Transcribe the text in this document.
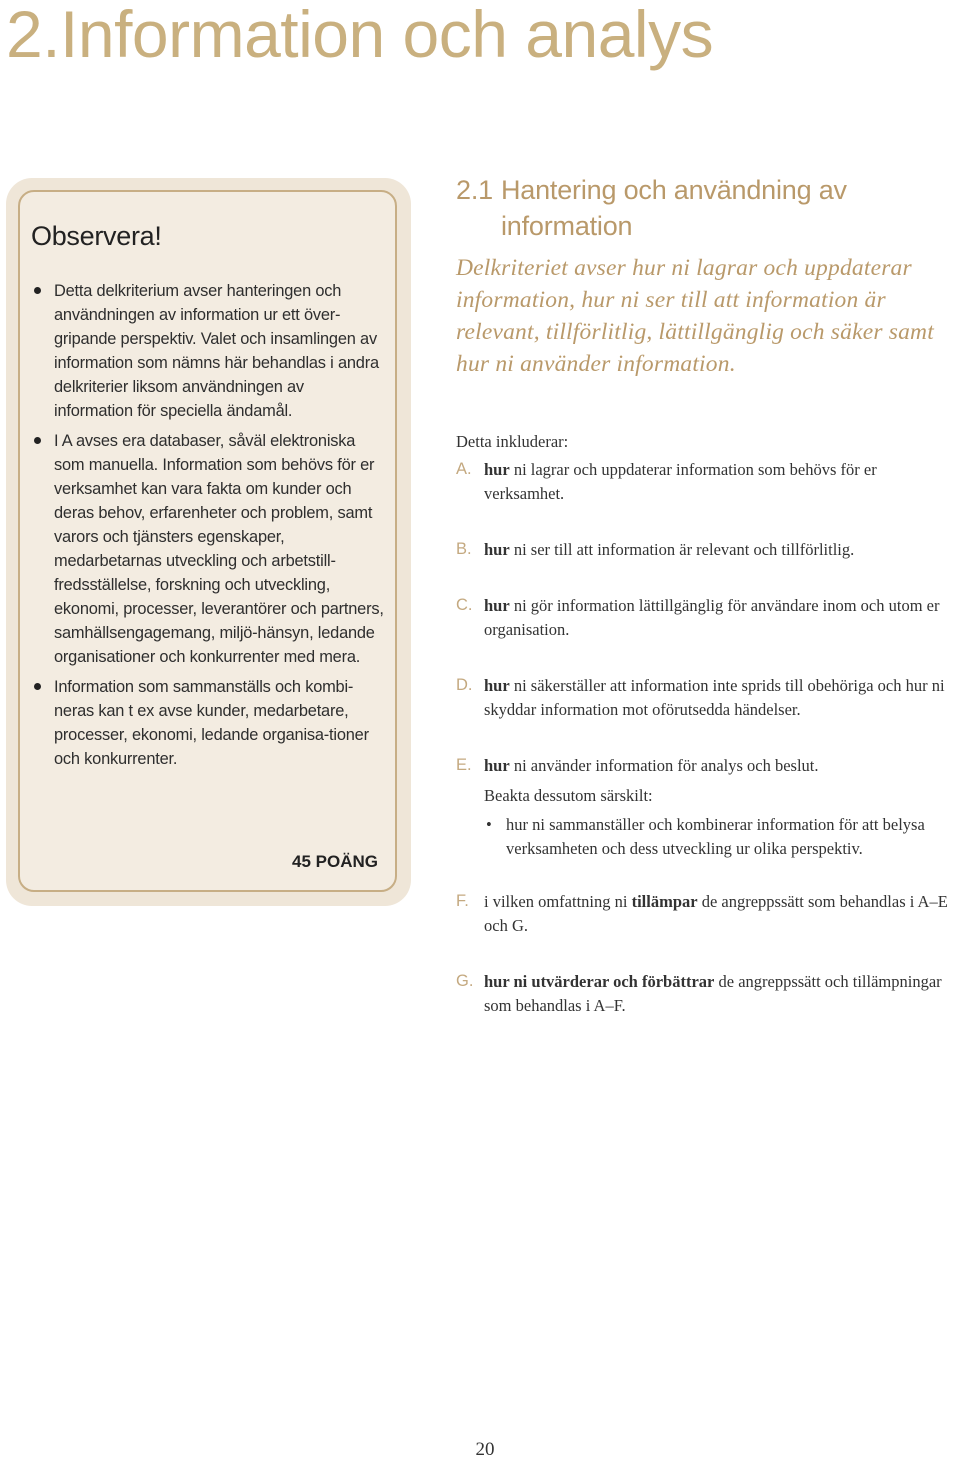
2.Information och analys
Observera!
Detta delkriterium avser hanteringen och användningen av information ur ett över-gripande perspektiv. Valet och insamlingen av information som nämns här behandlas i andra delkriterier liksom användningen av information för speciella ändamål.
I A avses era databaser, såväl elektroniska som manuella. Information som behövs för er verksamhet kan vara fakta om kunder och deras behov, erfarenheter och problem, samt varors och tjänsters egenskaper, medarbetarnas utveckling och arbetstill-fredsställelse, forskning och utveckling, ekonomi, processer, leverantörer och partners, samhällsengagemang, miljö-hänsyn, ledande organisationer och konkurrenter med mera.
Information som sammanställs och kombi-neras kan t ex avse kunder, medarbetare, processer, ekonomi, ledande organisa-tioner och konkurrenter.

45 POÄNG

2.1 Hantering och användning av
information

Delkriteriet avser hur ni lagrar och uppdaterar information, hur ni ser till att information är relevant, tillförlitlig, lättillgänglig och säker samt hur ni använder information.

Detta inkluderar:

A. hur ni lagrar och uppdaterar information som behövs för er verksamhet.
B. hur ni ser till att information är relevant och tillförlitlig.
C. hur ni gör information lättillgänglig för användare inom och utom er organisation.
D. hur ni säkerställer att information inte sprids till obehöriga och hur ni skyddar information mot oförutsedda händelser.
E. hur ni använder information för analys och beslut.
Beakta dessutom särskilt:
• hur ni sammanställer och kombinerar information för att belysa verksamheten och dess utveckling ur olika perspektiv.
F. i vilken omfattning ni tillämpar de angreppssätt som behandlas i A–E och G.
G. hur ni utvärderar och förbättrar de angreppssätt och tillämpningar som behandlas i A–F.

20
